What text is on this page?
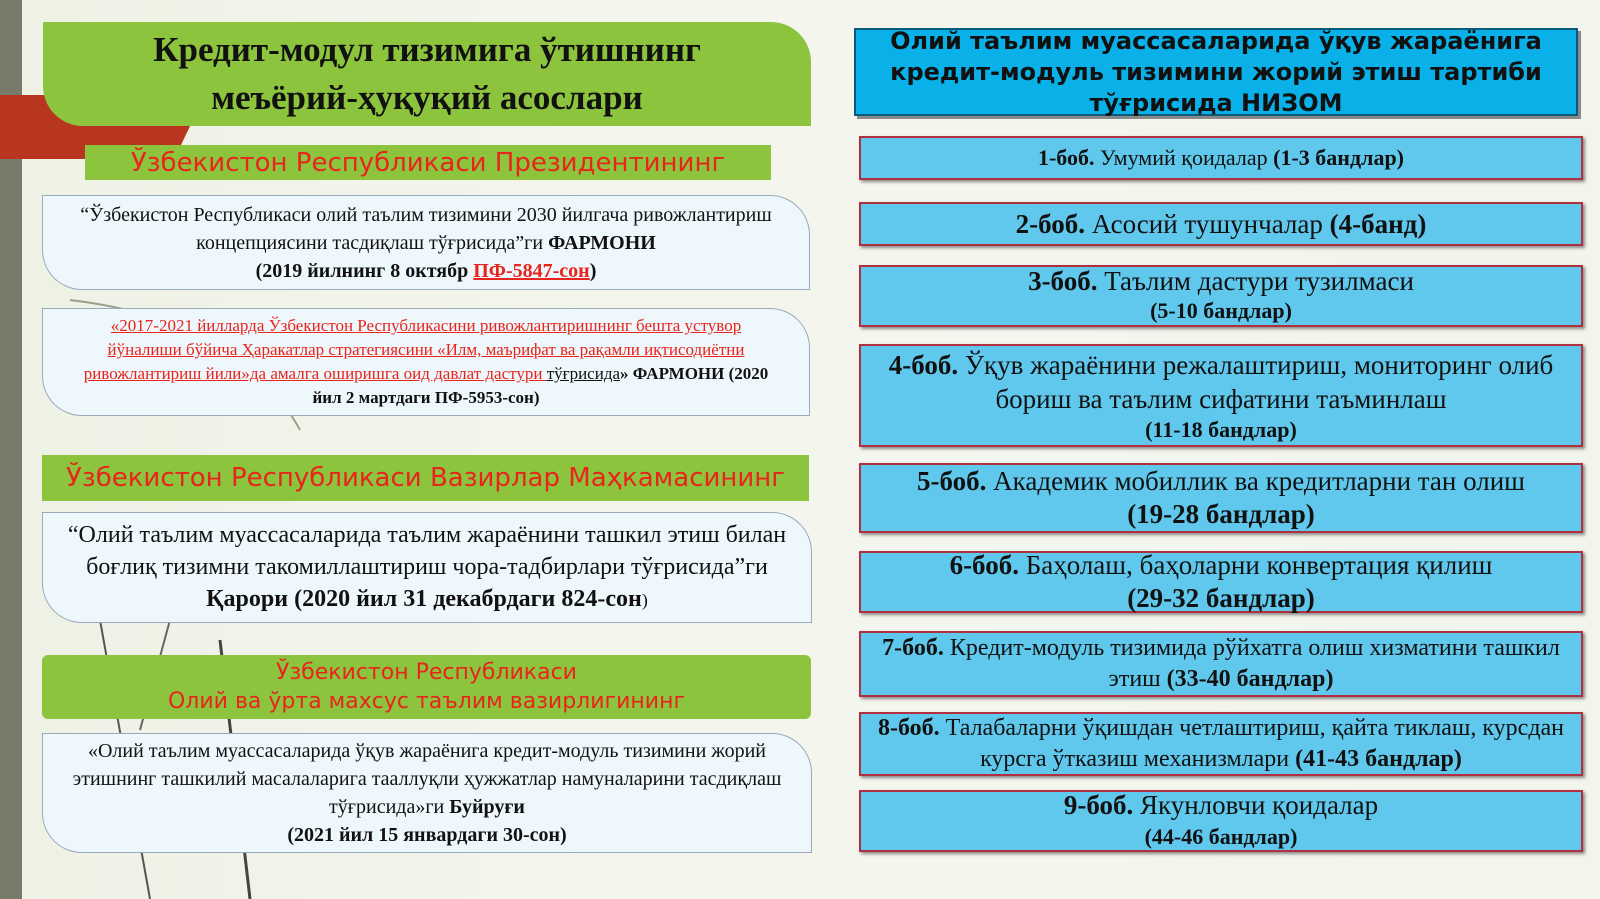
Кредит-модул тизимига ўтишнинг
меъёрий-ҳуқуқий асослари
Ўзбекистон Республикаси Президентининг
“Ўзбекистон Республикаси олий таълим тизимини 2030 йилгача ривожлантириш концепциясини тасдиқлаш тўғрисида”ги ФАРМОНИ
(2019 йилнинг 8 октябр ПФ-5847-сон)
«2017-2021 йилларда Ўзбекистон Республикасини ривожлантиришнинг бешта устувор йўналиши бўйича Ҳаракатлар стратегиясини «Илм, маърифат ва рақамли иқтисодиётни ривожлантириш йили»да амалга оширишга оид давлат дастури тўғрисида» ФАРМОНИ (2020 йил 2 мартдаги ПФ-5953-сон)
Ўзбекистон Республикаси Вазирлар Маҳкамасининг
“Олий таълим муассасаларида таълим жараёнини ташкил этиш билан боғлиқ тизимни такомиллаштириш чора-тадбирлари тўғрисида”ги Қарори (2020 йил 31 декабрдаги 824-сон)
Ўзбекистон Республикаси
Олий ва ўрта махсус таълим вазирлигининг
«Олий таълим муассасаларида ўқув жараёнига кредит-модуль тизимини жорий этишнинг ташкилий масалаларига тааллуқли ҳужжатлар намуналарини тасдиқлаш тўғрисида»ги Буйруғи
(2021 йил 15 январдаги 30-сон)
Олий таълим муассасаларида ўқув жараёнига кредит-модуль тизимини жорий этиш тартиби тўғрисида НИЗОМ
1-боб. Умумий қоидалар (1-3 бандлар)
2-боб. Асосий тушунчалар (4-банд)
3-боб. Таълим дастури тузилмаси
(5-10 бандлар)
4-боб. Ўқув жараёнини режалаштириш, мониторинг олиб бориш ва таълим сифатини таъминлаш
(11-18 бандлар)
5-боб. Академик мобиллик ва кредитларни тан олиш
(19-28 бандлар)
6-боб. Баҳолаш, баҳоларни конвертация қилиш
(29-32 бандлар)
7-боб. Кредит-модуль тизимида рўйхатга олиш хизматини ташкил этиш (33-40 бандлар)
8-боб. Талабаларни ўқишдан четлаштириш, қайта тиклаш, курсдан курсга ўтказиш механизмлари (41-43 бандлар)
9-боб. Якунловчи қоидалар
(44-46 бандлар)
